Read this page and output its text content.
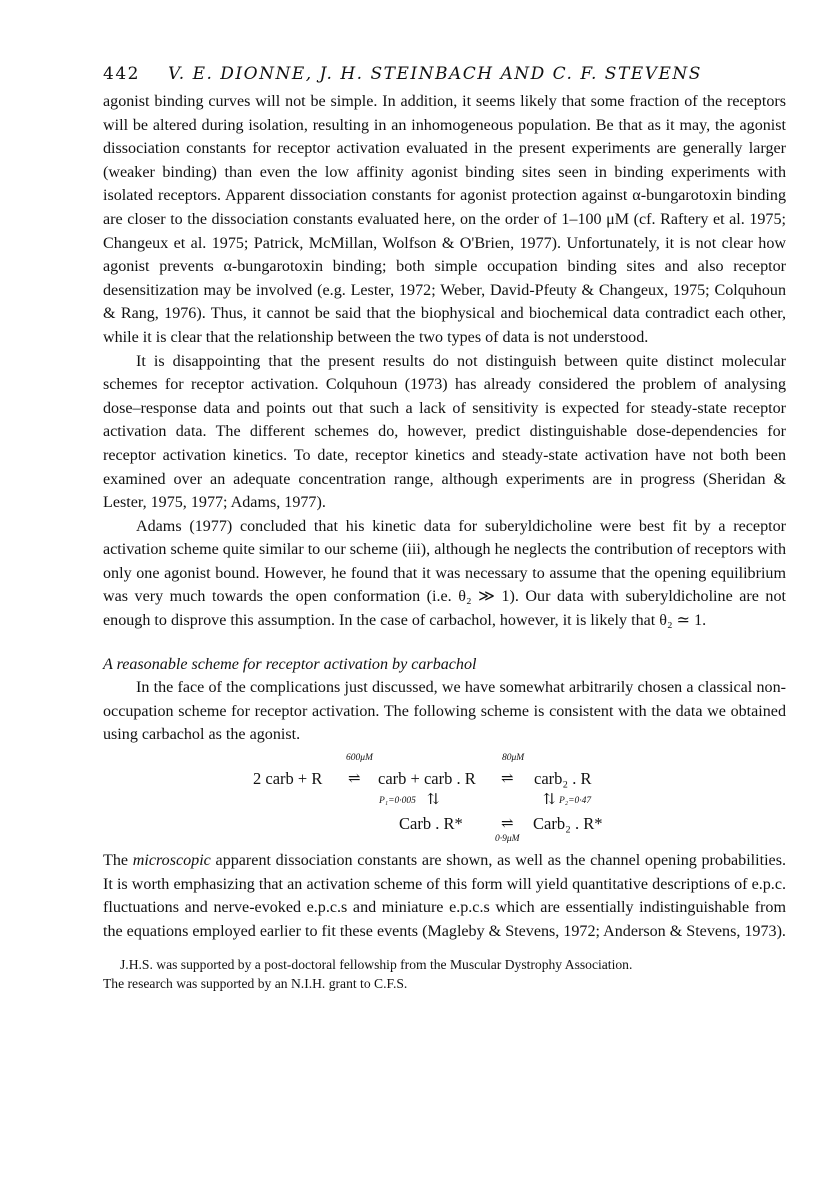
442 V. E. DIONNE, J. H. STEINBACH AND C. F. STEVENS

agonist binding curves will not be simple. In addition, it seems likely that some fraction of the receptors will be altered during isolation, resulting in an inhomogeneous population. Be that as it may, the agonist dissociation constants for receptor activation evaluated in the present experiments are generally larger (weaker binding) than even the low affinity agonist binding sites seen in binding experiments with isolated receptors. Apparent dissociation constants for agonist protection against α-bungarotoxin binding are closer to the dissociation constants evaluated here, on the order of 1–100 μM (cf. Raftery et al. 1975; Changeux et al. 1975; Patrick, McMillan, Wolfson & O'Brien, 1977). Unfortunately, it is not clear how agonist prevents α-bungarotoxin binding; both simple occupation binding sites and also receptor desensitization may be involved (e.g. Lester, 1972; Weber, David-Pfeuty & Changeux, 1975; Colquhoun & Rang, 1976). Thus, it cannot be said that the biophysical and biochemical data contradict each other, while it is clear that the relationship between the two types of data is not understood.

It is disappointing that the present results do not distinguish between quite distinct molecular schemes for receptor activation. Colquhoun (1973) has already considered the problem of analysing dose–response data and points out that such a lack of sensitivity is expected for steady-state receptor activation data. The different schemes do, however, predict distinguishable dose-dependencies for receptor activation kinetics. To date, receptor kinetics and steady-state activation have not both been examined over an adequate concentration range, although experiments are in progress (Sheridan & Lester, 1975, 1977; Adams, 1977).

Adams (1977) concluded that his kinetic data for suberyldicholine were best fit by a receptor activation scheme quite similar to our scheme (iii), although he neglects the contribution of receptors with only one agonist bound. However, he found that it was necessary to assume that the opening equilibrium was very much towards the open conformation (i.e. θ₂ ≫ 1). Our data with suberyldicholine are not enough to disprove this assumption. In the case of carbachol, however, it is likely that θ₂ ≃ 1.

A reasonable scheme for receptor activation by carbachol

In the face of the complications just discussed, we have somewhat arbitrarily chosen a classical non-occupation scheme for receptor activation. The following scheme is consistent with the data we obtained using carbachol as the agonist.

2 carb + R
600μM
⇌ carb + carb . R
80μM
⇌ carb₂ . R
P₁=0·005 ⇅	⇅ P₂=0·47
Carb . R*	⇌
0·9μM
Carb₂ . R*

The microscopic apparent dissociation constants are shown, as well as the channel opening probabilities. It is worth emphasizing that an activation scheme of this form will yield quantitative descriptions of e.p.c. fluctuations and nerve-evoked e.p.c.s and miniature e.p.c.s which are essentially indistinguishable from the equations employed earlier to fit these events (Magleby & Stevens, 1972; Anderson & Stevens, 1973).

J.H.S. was supported by a post-doctoral fellowship from the Muscular Dystrophy Association.

The research was supported by an N.I.H. grant to C.F.S.
